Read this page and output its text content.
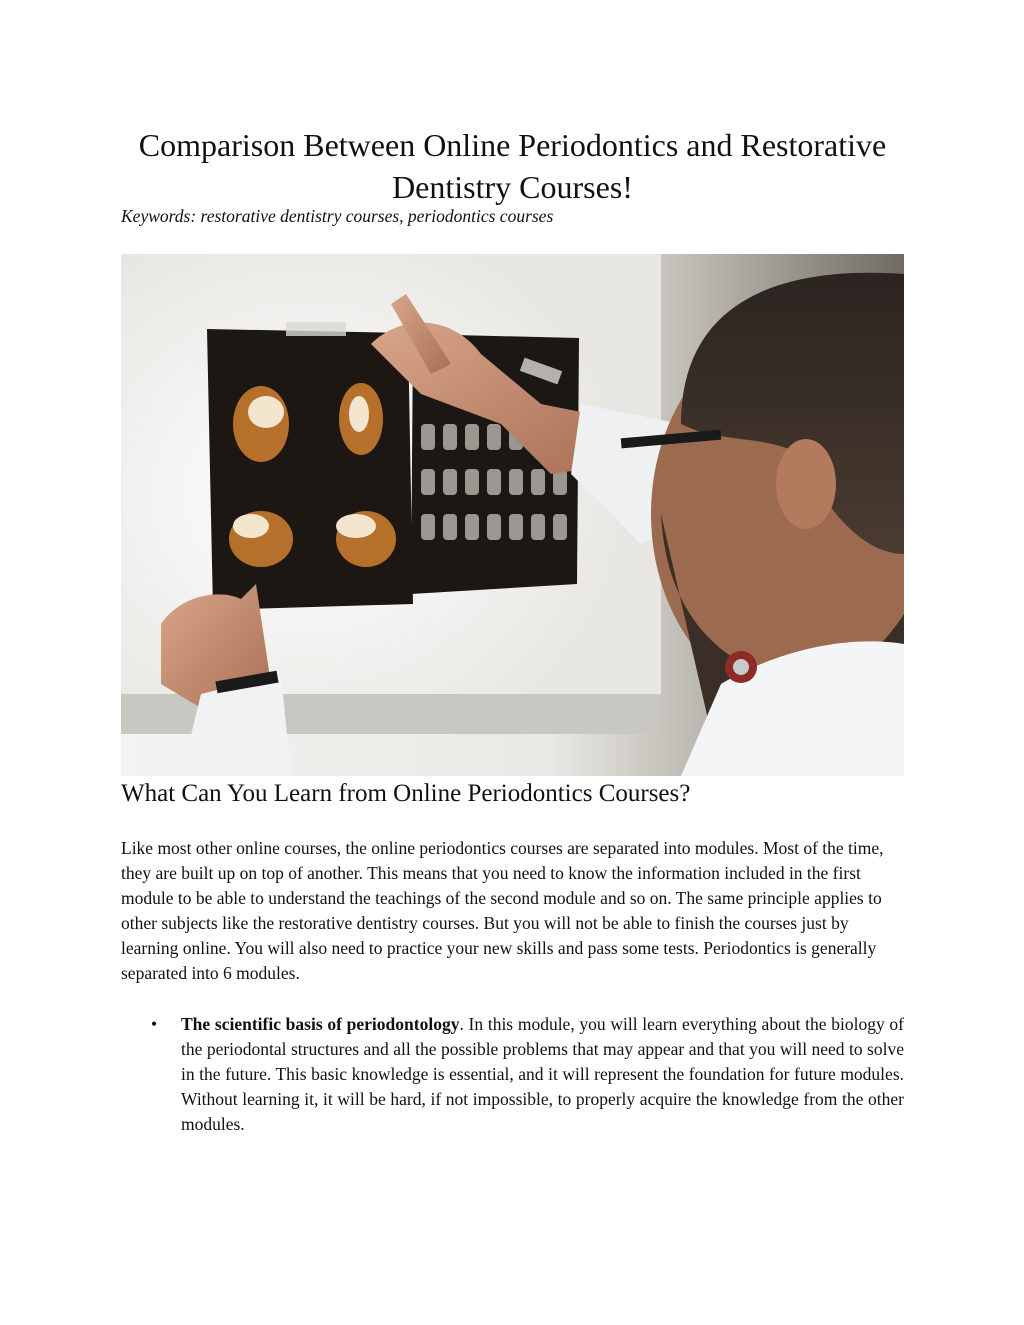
Comparison Between Online Periodontics and Restorative Dentistry Courses!

Keywords: restorative dentistry courses, periodontics courses

What Can You Learn from Online Periodontics Courses?

Like most other online courses, the online periodontics courses are separated into modules. Most of the time, they are built up on top of another. This means that you need to know the information included in the first module to be able to understand the teachings of the second module and so on. The same principle applies to other subjects like the restorative dentistry courses. But you will not be able to finish the courses just by learning online. You will also need to practice your new skills and pass some tests. Periodontics is generally separated into 6 modules.

• The scientific basis of periodontology. In this module, you will learn everything about the biology of the periodontal structures and all the possible problems that may appear and that you will need to solve in the future. This basic knowledge is essential, and it will represent the foundation for future modules. Without learning it, it will be hard, if not impossible, to properly acquire the knowledge from the other modules.
